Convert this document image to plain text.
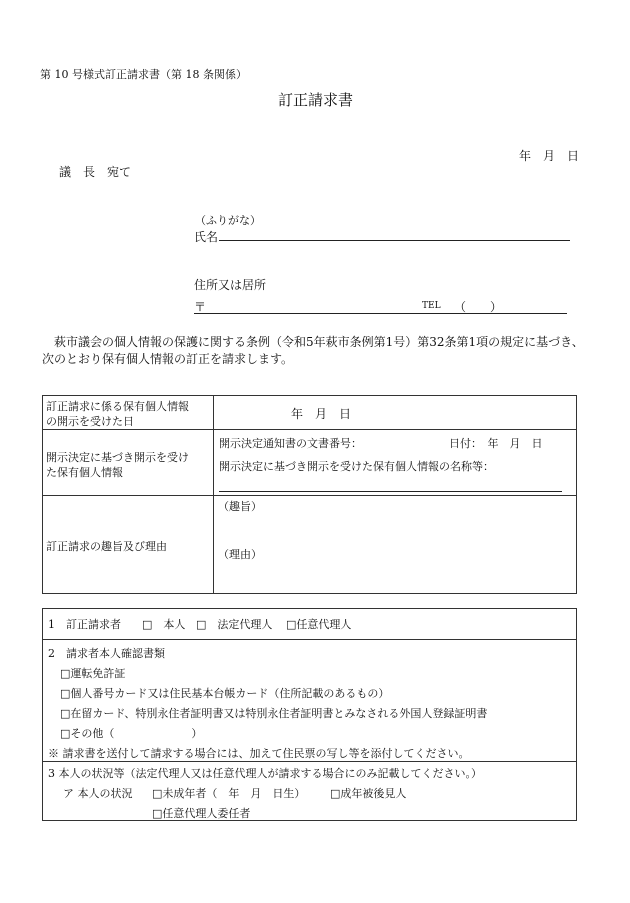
第 10 号様式訂正請求書（第 18 条関係）
訂正請求書
年　月　日
議　長　宛て
（ふりがな）
氏名
住所又は居所
〒	TEL （　　）
萩市議会の個人情報の保護に関する条例（令和5年萩市条例第1号）第32条第1項の規定に基づき、
次のとおり保有個人情報の訂正を請求します。
訂正請求に係る保有個人情報
の開示を受けた日
年　月　日
開示決定に基づき開示を受け
た保有個人情報
開示決定通知書の文書番号：	日付：　年　月　日
開示決定に基づき開示を受けた保有個人情報の名称等：
訂正請求の趣旨及び理由
（趣旨）
（理由）
1　訂正請求者 □　本人 □　法定代理人 □任意代理人
2　請求者本人確認書類
□運転免許証
□個人番号カード又は住民基本台帳カード（住所記載のあるもの）
□在留カード、特別永住者証明書又は特別永住者証明書とみなされる外国人登録証明書
□その他（　　　　　　　）
※ 請求書を送付して請求する場合には、加えて住民票の写し等を添付してください。
3 本人の状況等（法定代理人又は任意代理人が請求する場合にのみ記載してください。）
ア 本人の状況 □未成年者（　年　月　日生） □成年被後見人
□任意代理人委任者
